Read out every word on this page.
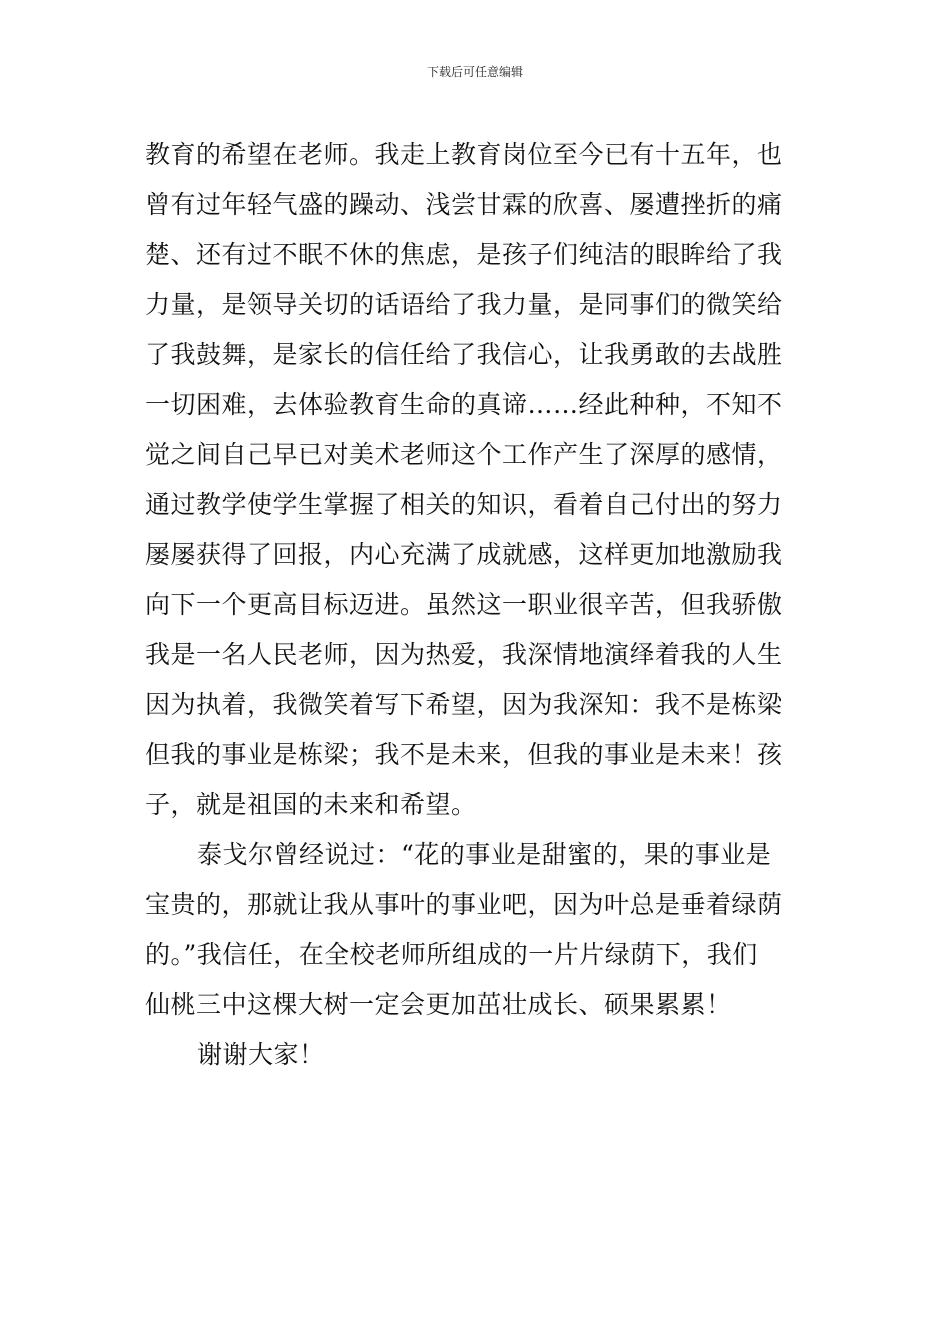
下载后可任意编辑
教育的希望在老师。我走上教育岗位至今已有十五年，也
曾有过年轻气盛的躁动、浅尝甘霖的欣喜、屡遭挫折的痛
楚、还有过不眠不休的焦虑，是孩子们纯洁的眼眸给了我
力量，是领导关切的话语给了我力量，是同事们的微笑给
了我鼓舞，是家长的信任给了我信心，让我勇敢的去战胜
一切困难，去体验教育生命的真谛……经此种种，不知不
觉之间自己早已对美术老师这个工作产生了深厚的感情，
通过教学使学生掌握了相关的知识，看着自己付出的努力
屡屡获得了回报，内心充满了成就感，这样更加地激励我
向下一个更高目标迈进。虽然这一职业很辛苦，但我骄傲
我是一名人民老师，因为热爱，我深情地演绎着我的人生
因为执着，我微笑着写下希望，因为我深知：我不是栋梁
但我的事业是栋梁；我不是未来，但我的事业是未来！孩
子，就是祖国的未来和希望。
泰戈尔曾经说过：“花的事业是甜蜜的，果的事业是
宝贵的，那就让我从事叶的事业吧，因为叶总是垂着绿荫
的。”我信任，在全校老师所组成的一片片绿荫下，我们
仙桃三中这棵大树一定会更加茁壮成长、硕果累累！
谢谢大家！
